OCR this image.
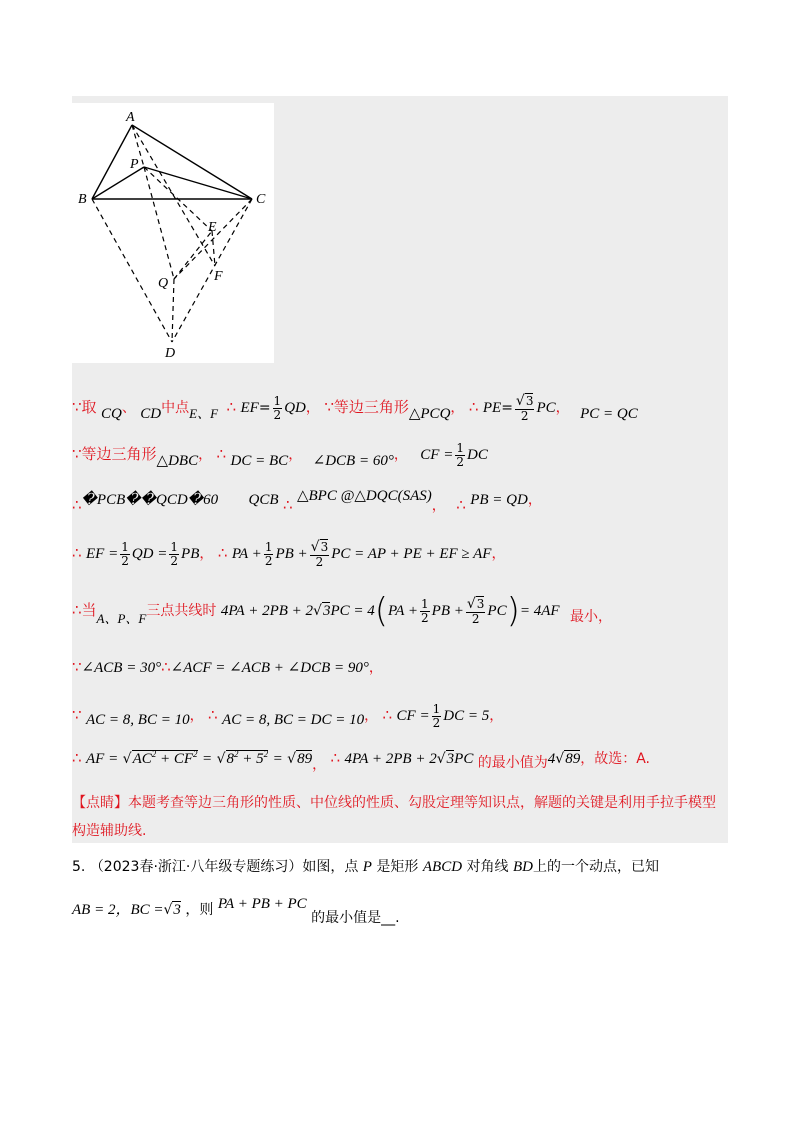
A
B	C
P
E
F
Q
D
∵取 CQ、 CD中点E、F ∴ $EF= \frac{1}{2}$ QD， ∵等边三角形△PCQ， ∴ $PE= \frac{√3}{2}$ PC， PC = QC
∵等边三角形△DBC， ∴ DC = BC， ∠DCB = 60°， CF = $\frac{1}{2}$ DC
∴�PCB��QCD�60 QCB ∴ △BPC @△DQC(SAS)， ∴ PB = QD，
∴ EF = $\frac{1}{2}$ QD = $\frac{1}{2}$ PB， ∴ PA + $\frac{1}{2}$ PB + $\frac{√3}{2}$ PC = AP + PE + EF ≥ AF，
∴当A、P、F三点共线时 $4PA + 2PB + 2√3PC = 4(PA + \frac{1}{2}$ PB + $\frac{√3}{2} PC)= 4AF$ 最小，
∵∠ACB = 30°∴∠ACF = ∠ACB + ∠DCB = 90°，
∵ AC = 8, BC = 10， ∴ AC = 8, BC = DC = 10， ∴ CF = $\frac{1}{2}$ DC = 5，
∴ AF = $√AC^2 + CF^2 = √8^2 + 5^2 = √89$， ∴ 4PA + 2PB + 2√3PC 的最小值为4√89，故选：A.
【点睛】本题考查等边三角形的性质、中位线的性质、勾股定理等知识点，解题的关键是利用手拉手模型构造辅助线.
5. （2023春·浙江·八年级专题练习）如图，点 P 是矩形 ABCD 对角线 BD上的一个动点，已知
AB = 2，BC =√3 ，则 PA + PB + PC 的最小值是__.
